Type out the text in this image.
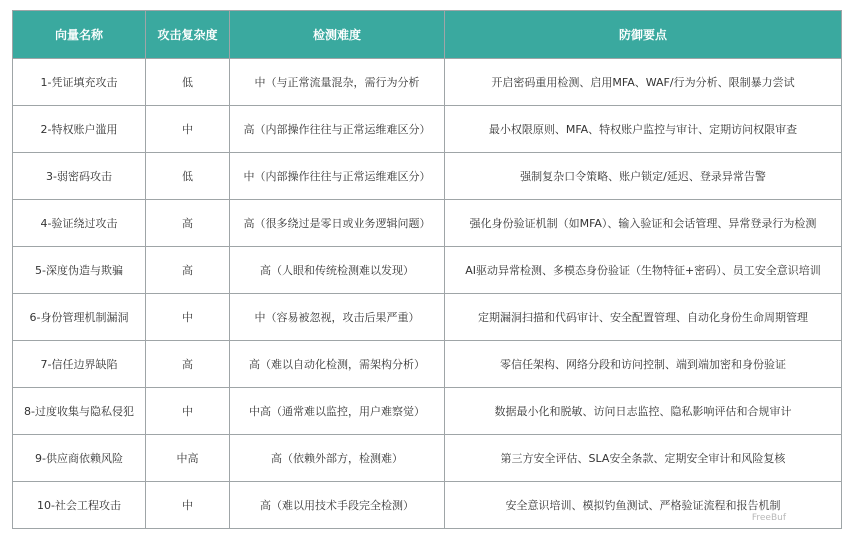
向量名称	攻击复杂度	检测难度	防御要点
1-凭证填充攻击	低	中（与正常流量混杂，需行为分析	开启密码重用检测、启用MFA、WAF/行为分析、限制暴力尝试
2-特权账户滥用	中	高（内部操作往往与正常运维难区分）	最小权限原则、MFA、特权账户监控与审计、定期访问权限审查
3-弱密码攻击	低	中（内部操作往往与正常运维难区分）	强制复杂口令策略、账户锁定/延迟、登录异常告警
4-验证绕过攻击	高	高（很多绕过是零日或业务逻辑问题）	强化身份验证机制（如MFA）、输入验证和会话管理、异常登录行为检测
5-深度伪造与欺骗	高	高（人眼和传统检测难以发现）	AI驱动异常检测、多模态身份验证（生物特征+密码）、员工安全意识培训
6-身份管理机制漏洞	中	中（容易被忽视，攻击后果严重）	定期漏洞扫描和代码审计、安全配置管理、自动化身份生命周期管理
7-信任边界缺陷	高	高（难以自动化检测，需架构分析）	零信任架构、网络分段和访问控制、端到端加密和身份验证
8-过度收集与隐私侵犯	中	中高（通常难以监控，用户难察觉）	数据最小化和脱敏、访问日志监控、隐私影响评估和合规审计
9-供应商依赖风险	中高	高（依赖外部方，检测难）	第三方安全评估、SLA安全条款、定期安全审计和风险复核
10-社会工程攻击	中	高（难以用技术手段完全检测）	安全意识培训、模拟钓鱼测试、严格验证流程和报告机制
FreeBuf
